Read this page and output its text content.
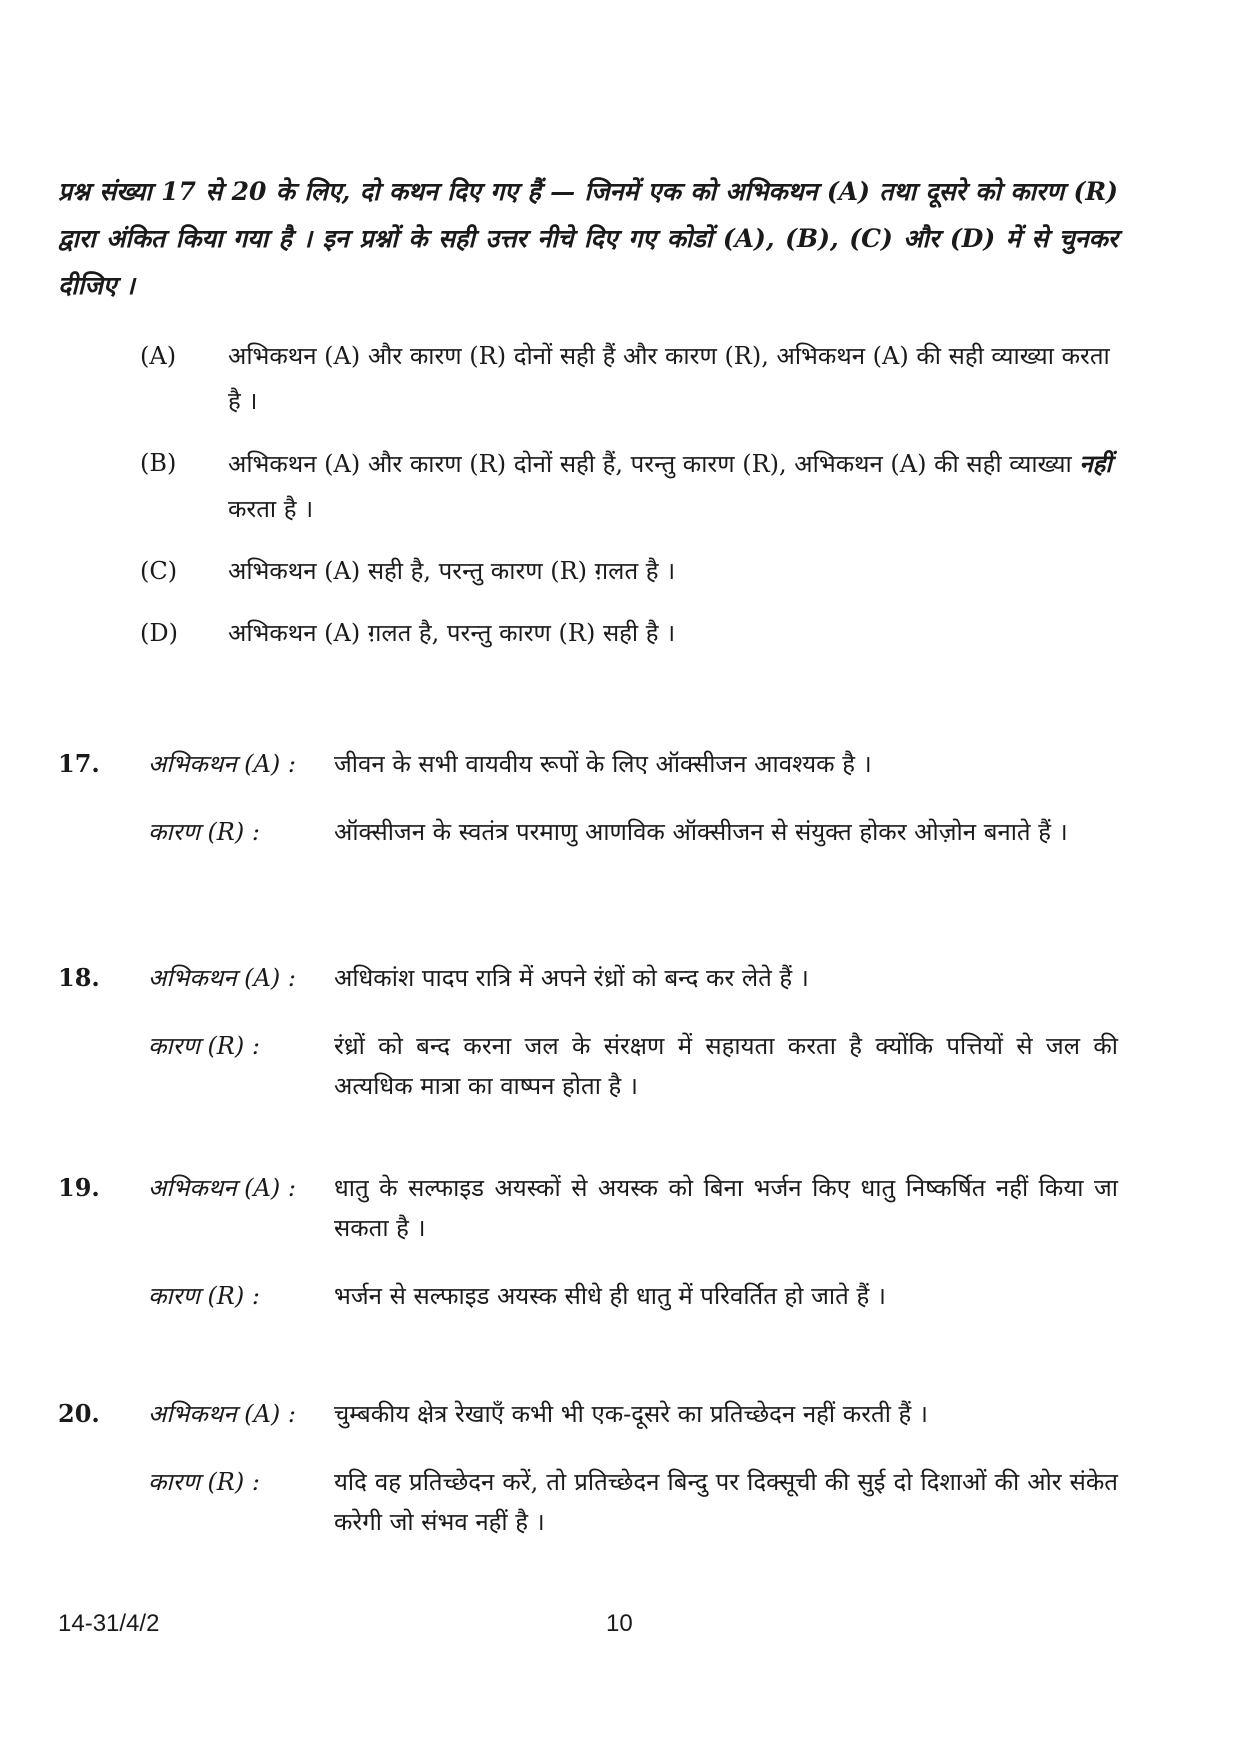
प्रश्न संख्या 17 से 20 के लिए, दो कथन दिए गए हैं — जिनमें एक को अभिकथन (A) तथा दूसरे को कारण (R) द्वारा अंकित किया गया है । इन प्रश्नों के सही उत्तर नीचे दिए गए कोडों (A), (B), (C) और (D) में से चुनकर दीजिए ।

(A)	अभिकथन (A) और कारण (R) दोनों सही हैं और कारण (R), अभिकथन (A) की सही व्याख्या करता है ।
(B)	अभिकथन (A) और कारण (R) दोनों सही हैं, परन्तु कारण (R), अभिकथन (A) की सही व्याख्या नहीं करता है ।
(C)	अभिकथन (A) सही है, परन्तु कारण (R) ग़लत है ।
(D)	अभिकथन (A) ग़लत है, परन्तु कारण (R) सही है ।
17.	अभिकथन (A) :	जीवन के सभी वायवीय रूपों के लिए ऑक्सीजन आवश्यक है ।
कारण (R) :	ऑक्सीजन के स्वतंत्र परमाणु आणविक ऑक्सीजन से संयुक्त होकर ओज़ोन बनाते हैं ।
18.	अभिकथन (A) :	अधिकांश पादप रात्रि में अपने रंध्रों को बन्द कर लेते हैं ।
कारण (R) :	रंध्रों को बन्द करना जल के संरक्षण में सहायता करता है क्योंकि पत्तियों से जल की अत्यधिक मात्रा का वाष्पन होता है ।
19.	अभिकथन (A) :	धातु के सल्फाइड अयस्कों से अयस्क को बिना भर्जन किए धातु निष्कर्षित नहीं किया जा सकता है ।
कारण (R) :	भर्जन से सल्फाइड अयस्क सीधे ही धातु में परिवर्तित हो जाते हैं ।
20.	अभिकथन (A) :	चुम्बकीय क्षेत्र रेखाएँ कभी भी एक-दूसरे का प्रतिच्छेदन नहीं करती हैं ।
कारण (R) :	यदि वह प्रतिच्छेदन करें, तो प्रतिच्छेदन बिन्दु पर दिक्सूची की सुई दो दिशाओं की ओर संकेत करेगी जो संभव नहीं है ।
14-31/4/2	10
